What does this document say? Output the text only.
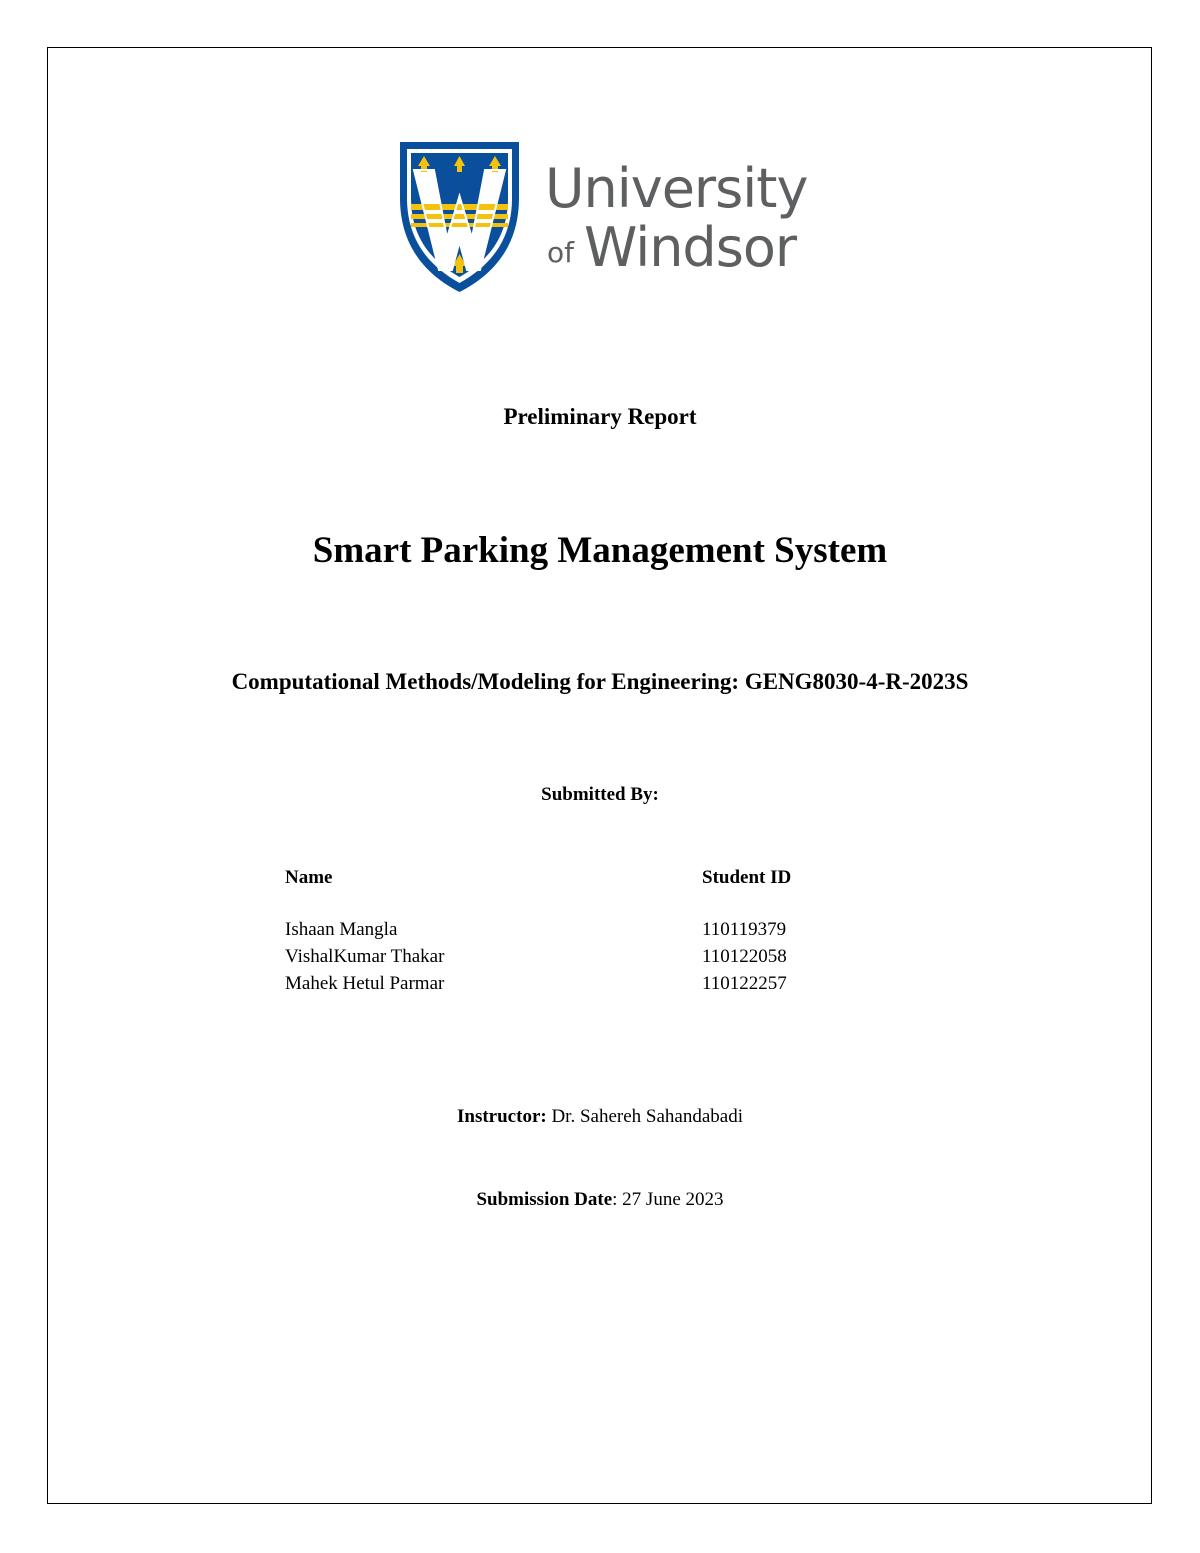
University
of Windsor
Preliminary Report
Smart Parking Management System
Computational Methods/Modeling for Engineering: GENG8030-4-R-2023S
Submitted By:
Name	Student ID
Ishaan Mangla	110119379
VishalKumar Thakar	110122058
Mahek Hetul Parmar	110122257
Instructor: Dr. Sahereh Sahandabadi
Submission Date: 27 June 2023
